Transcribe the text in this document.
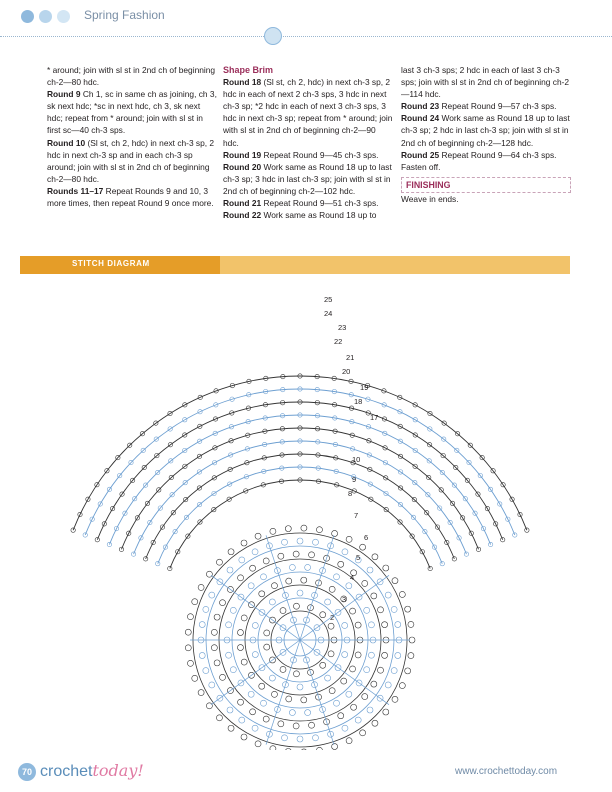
Spring Fashion

* around; join with sl st in 2nd ch of beginning ch-2—80 hdc.

Round 9 Ch 1, sc in same ch as joining, ch 3, sk next hdc; *sc in next hdc, ch 3, sk next hdc; repeat from * around; join with sl st in first sc—40 ch-3 sps.

Round 10 (Sl st, ch 2, hdc) in next ch-3 sp, 2 hdc in next ch-3 sp and in each ch-3 sp around; join with sl st in 2nd ch of beginning ch-2—80 hdc.

Rounds 11–17 Repeat Rounds 9 and 10, 3 more times, then repeat Round 9 once more.

Shape Brim

Round 18 (Sl st, ch 2, hdc) in next ch-3 sp, 2 hdc in each of next 2 ch-3 sps, 3 hdc in next ch-3 sp; *2 hdc in each of next 3 ch-3 sps, 3 hdc in next ch-3 sp; repeat from * around; join with sl st in 2nd ch of beginning ch-2—90 hdc.

Round 19 Repeat Round 9—45 ch-3 sps.

Round 20 Work same as Round 18 up to last ch-3 sp; 3 hdc in last ch-3 sp; join with sl st in 2nd ch of beginning ch-2—102 hdc.

Round 21 Repeat Round 9—51 ch-3 sps.

Round 22 Work same as Round 18 up to

last 3 ch-3 sps; 2 hdc in each of last 3 ch-3 sps; join with sl st in 2nd ch of beginning ch-2—114 hdc.

Round 23 Repeat Round 9—57 ch-3 sps.

Round 24 Work same as Round 18 up to last ch-3 sp; 2 hdc in last ch-3 sp; join with sl st in 2nd ch of beginning ch-2—128 hdc.

Round 25 Repeat Round 9—64 ch-3 sps. Fasten off.

FINISHING

Weave in ends.

STITCH DIAGRAM
25
24
23
22
21
20
19
18
17
10
9
8
7
6
5
4
3
2
70 crochettoday!	www.crochettoday.com
